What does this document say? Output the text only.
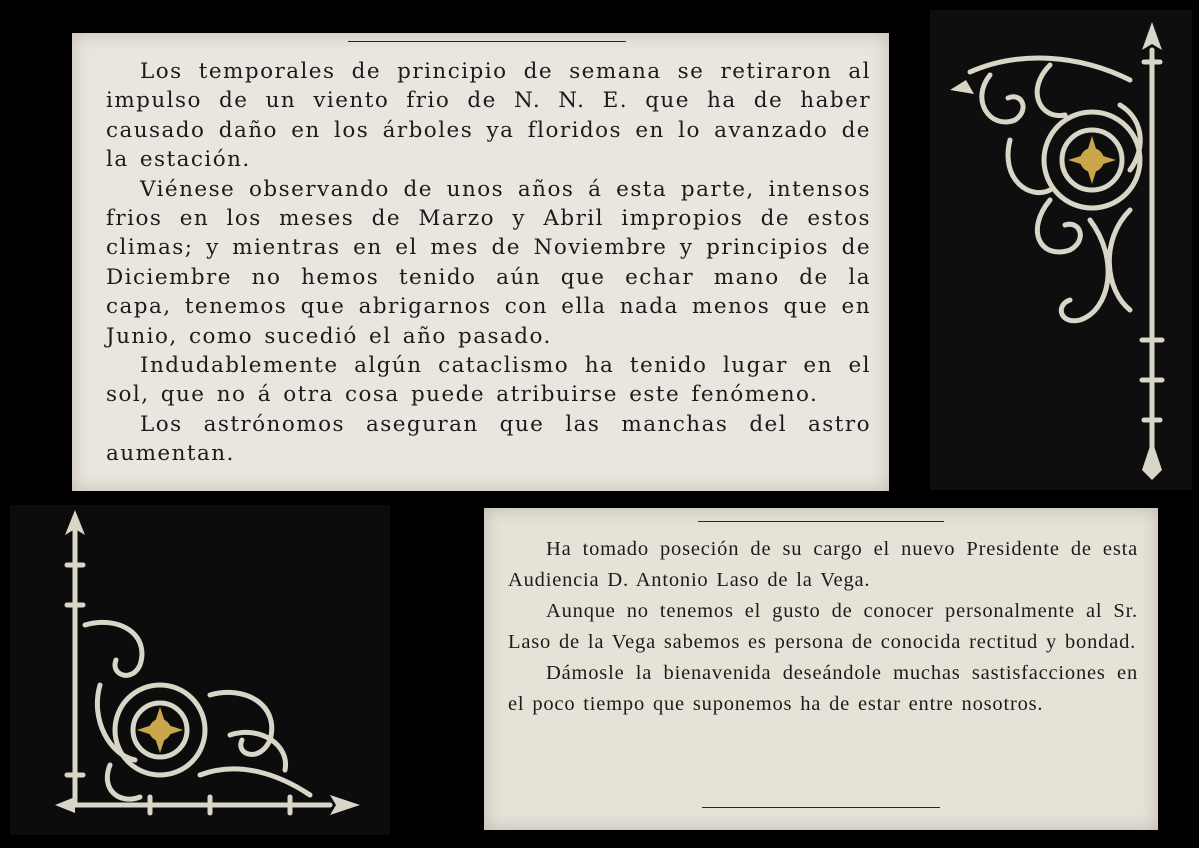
Los temporales de principio de semana se retiraron al impulso de un viento frio de N. N. E. que ha de haber causado daño en los árboles ya floridos en lo avanzado de la estación.

Viénese observando de unos años á esta parte, intensos frios en los meses de Marzo y Abril impropios de estos climas; y mientras en el mes de Noviembre y principios de Diciembre no hemos tenido aún que echar mano de la capa, tenemos que abrigarnos con ella nada menos que en Junio, como sucedió el año pasado.

Indudablemente algún cataclismo ha tenido lugar en el sol, que no á otra cosa puede atribuirse este fenómeno.

Los astrónomos aseguran que las manchas del astro aumentan.

Ha tomado poseción de su cargo el nuevo Presidente de esta Audiencia D. Antonio Laso de la Vega.

Aunque no tenemos el gusto de conocer personalmente al Sr. Laso de la Vega sabemos es persona de conocida rectitud y bondad.

Dámosle la bienavenida deseándole muchas sastisfacciones en el poco tiempo que suponemos ha de estar entre nosotros.
